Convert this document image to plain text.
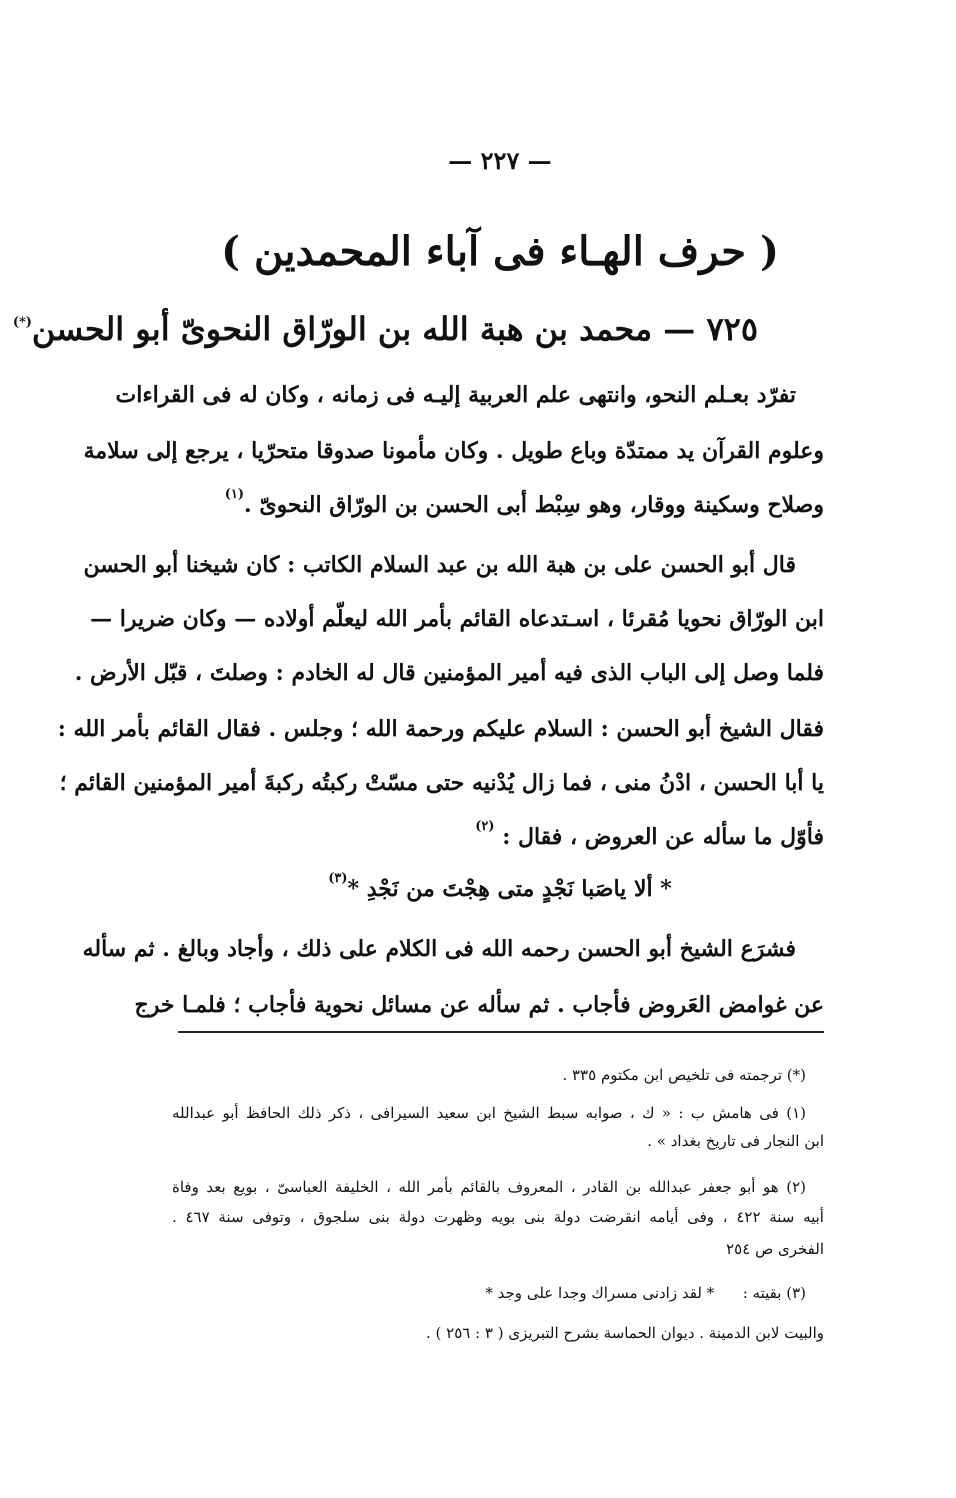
— ٢٢٧ —
( حرف الهـاء فى آباء المحمدين )
٧٢٥ — محمد بن هبة الله بن الورّاق النحوىّ أبو الحسن(*)
تفرّد بعـلم النحو، وانتهى علم العربية إليـه فى زمانه ، وكان له فى القراءات
وعلوم القرآن يد ممتدّة وباع طويل . وكان مأمونا صدوقا متحرّيا ، يرجع إلى سلامة
وصلاح وسكينة ووقار، وهو سِبْط أبى الحسن بن الورّاق النحوىّ .$^{(١)}$
قال أبو الحسن على بن هبة الله بن عبد السلام الكاتب : كان شيخنا أبو الحسن
ابن الورّاق نحويا مُقرئا ، اسـتدعاه القائم بأمر الله ليعلّم أولاده — وكان ضريرا —
فلما وصل إلى الباب الذى فيه أمير المؤمنين قال له الخادم : وصلتَ ، قبّل الأرض .
فقال الشيخ أبو الحسن : السلام عليكم ورحمة الله ؛ وجلس . فقال القائم بأمر الله :
يا أبا الحسن ، ادْنُ منى ، فما زال يُدْنيه حتى مسّتْ ركبتُه ركبةَ أمير المؤمنين القائم ؛
فأوّل ما سأله عن العروض ، فقال : $^{(٢)}$
* ألا ياصَبا نَجْدٍ متى هِجْتَ من نَجْدِ *$^{(٣)}$
فشرَع الشيخ أبو الحسن رحمه الله فى الكلام على ذلك ، وأجاد وبالغ . ثم سأله
عن غوامض العَروض فأجاب . ثم سأله عن مسائل نحوية فأجاب ؛ فلمـا خرج
(*) ترجمته فى تلخيص ابن مكتوم ٣٣٥ .
(١) فى هامش ب : « ك ، صوابه سبط الشيخ ابن سعيد السيرافى ، ذكر ذلك الحافظ أبو عبدالله
ابن النجار فى تاريخ بغداد » .
(٢) هو أبو جعفر عبدالله بن القادر ، المعروف بالقائم بأمر الله ، الخليفة العباسىّ ، بويع بعد وفاة
أبيه سنة ٤٢٢ ، وفى أيامه انقرضت دولة بنى بويه وظهرت دولة بنى سلجوق ، وتوفى سنة ٤٦٧ .
الفخرى ص ٢٥٤
(٣) بقيته :      * لقد زادنى مسراك وجدا على وجد *
والبيت لابن الدمينة . ديوان الحماسة بشرح التبريزى ( ٣ : ٢٥٦ ) .
